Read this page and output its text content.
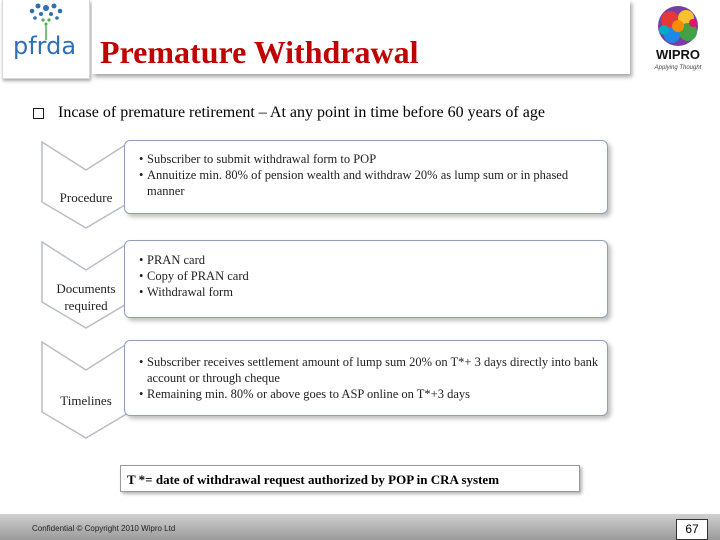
pfrda Premature Withdrawal	WIPRO
Applying Thought
Incase of premature retirement – At any point in time before 60 years of age
Procedure
• Subscriber to submit withdrawal form to POP
• Annuitize min. 80% of pension wealth and withdraw 20% as lump sum or in phased manner
Documents required
• PRAN card
• Copy of PRAN card
• Withdrawal form
Timelines
• Subscriber receives settlement amount of lump sum 20% on T*+ 3 days directly into bank account or through cheque
• Remaining min. 80% or above goes to ASP online on T*+3 days
T *= date of withdrawal request authorized by POP in CRA system
Confidential © Copyright 2010 Wipro Ltd	67
